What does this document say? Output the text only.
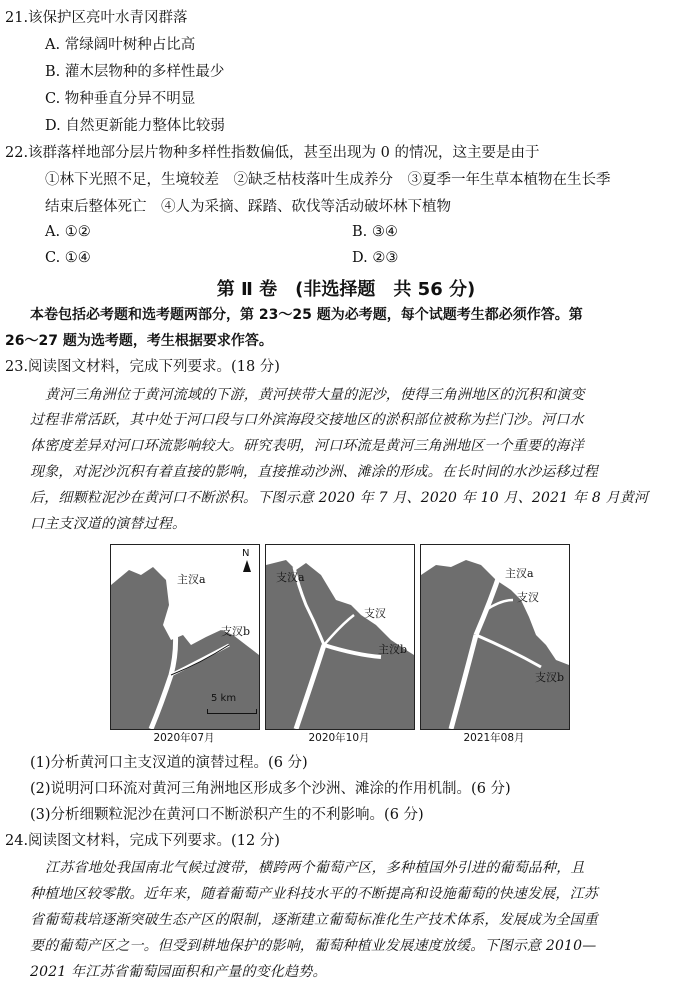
21.该保护区亮叶水青冈群落
A. 常绿阔叶树种占比高
B. 灌木层物种的多样性最少
C. 物种垂直分异不明显
D. 自然更新能力整体比较弱
22.该群落样地部分层片物种多样性指数偏低，甚至出现为 0 的情况，这主要是由于
①林下光照不足，生境较差　②缺乏枯枝落叶生成养分　③夏季一年生草本植物在生长季
结束后整体死亡　④人为采摘、踩踏、砍伐等活动破坏林下植物
A. ①②	B. ③④
C. ①④	D. ②③
第 Ⅱ 卷　(非选择题　共 56 分)
本卷包括必考题和选考题两部分，第 23～25 题为必考题，每个试题考生都必须作答。第
26～27 题为选考题，考生根据要求作答。
23.阅读图文材料，完成下列要求。(18 分)
黄河三角洲位于黄河流域的下游，黄河挟带大量的泥沙，使得三角洲地区的沉积和演变
过程非常活跃，其中处于河口段与口外滨海段交接地区的淤积部位被称为拦门沙。河口水
体密度差异对河口环流影响较大。研究表明，河口环流是黄河三角洲地区一个重要的海洋
现象，对泥沙沉积有着直接的影响，直接推动沙洲、滩涂的形成。在长时间的水沙运移过程
后，细颗粒泥沙在黄河口不断淤积。下图示意 2020 年 7 月、2020 年 10 月、2021 年 8 月黄河
口主支汊道的演替过程。
主汊a
支汊b
5 km
N
支汊a
支汊
主汊b
主汊a
支汊
支汊b
2020年07月	2020年10月	2021年08月
(1)分析黄河口主支汊道的演替过程。(6 分)
(2)说明河口环流对黄河三角洲地区形成多个沙洲、滩涂的作用机制。(6 分)
(3)分析细颗粒泥沙在黄河口不断淤积产生的不利影响。(6 分)
24.阅读图文材料，完成下列要求。(12 分)
江苏省地处我国南北气候过渡带，横跨两个葡萄产区，多种植国外引进的葡萄品种，且
种植地区较零散。近年来，随着葡萄产业科技水平的不断提高和设施葡萄的快速发展，江苏
省葡萄栽培逐渐突破生态产区的限制，逐渐建立葡萄标准化生产技术体系，发展成为全国重
要的葡萄产区之一。但受到耕地保护的影响，葡萄种植业发展速度放缓。下图示意 2010—
2021 年江苏省葡萄园面积和产量的变化趋势。
